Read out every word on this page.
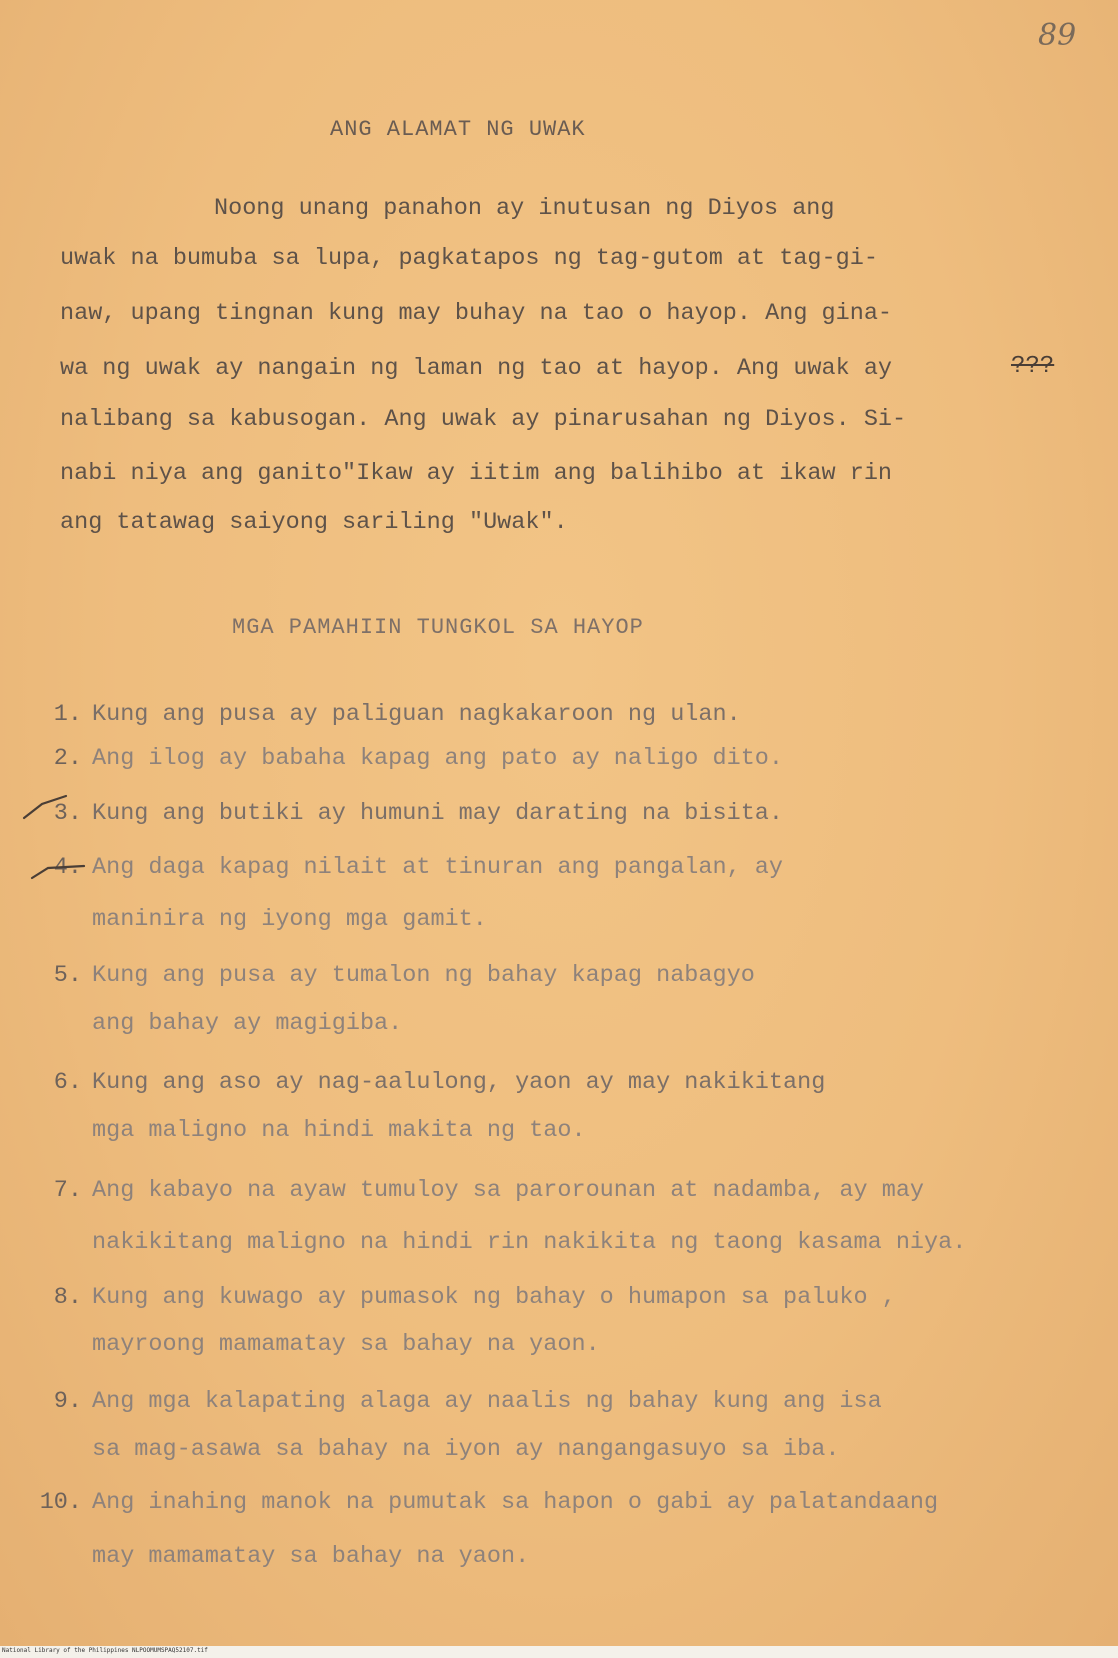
89
ANG ALAMAT NG UWAK
Noong unang panahon ay inutusan ng Diyos ang
uwak na bumuba sa lupa, pagkatapos ng tag-gutom at tag-gi-
naw, upang tingnan kung may buhay na tao o hayop. Ang gina-
wa ng uwak ay nangain ng laman ng tao at hayop. Ang uwak ay	???
nalibang sa kabusogan. Ang uwak ay pinarusahan ng Diyos. Si-
nabi niya ang ganito"Ikaw ay iitim ang balihibo at ikaw rin
ang tatawag saiyong sariling "Uwak".
MGA PAMAHIIN TUNGKOL SA HAYOP
1. Kung ang pusa ay paliguan nagkakaroon ng ulan.
2. Ang ilog ay babaha kapag ang pato ay naligo dito.
3. Kung ang butiki ay humuni may darating na bisita.
4. Ang daga kapag nilait at tinuran ang pangalan, ay
maninira ng iyong mga gamit.
5. Kung ang pusa ay tumalon ng bahay kapag nabagyo
ang bahay ay magigiba.
6. Kung ang aso ay nag-aalulong, yaon ay may nakikitang
mga maligno na hindi makita ng tao.
7. Ang kabayo na ayaw tumuloy sa parorounan at nadamba, ay may
nakikitang maligno na hindi rin nakikita ng taong kasama niya.
8. Kung ang kuwago ay pumasok ng bahay o humapon sa paluko ,
mayroong mamamatay sa bahay na yaon.
9. Ang mga kalapating alaga ay naalis ng bahay kung ang isa
sa mag-asawa sa bahay na iyon ay nangangasuyo sa iba.
10. Ang inahing manok na pumutak sa hapon o gabi ay palatandaang
may mamamatay sa bahay na yaon.
National Library of the Philippines NLPOOMUMSPAQ52107.tif
